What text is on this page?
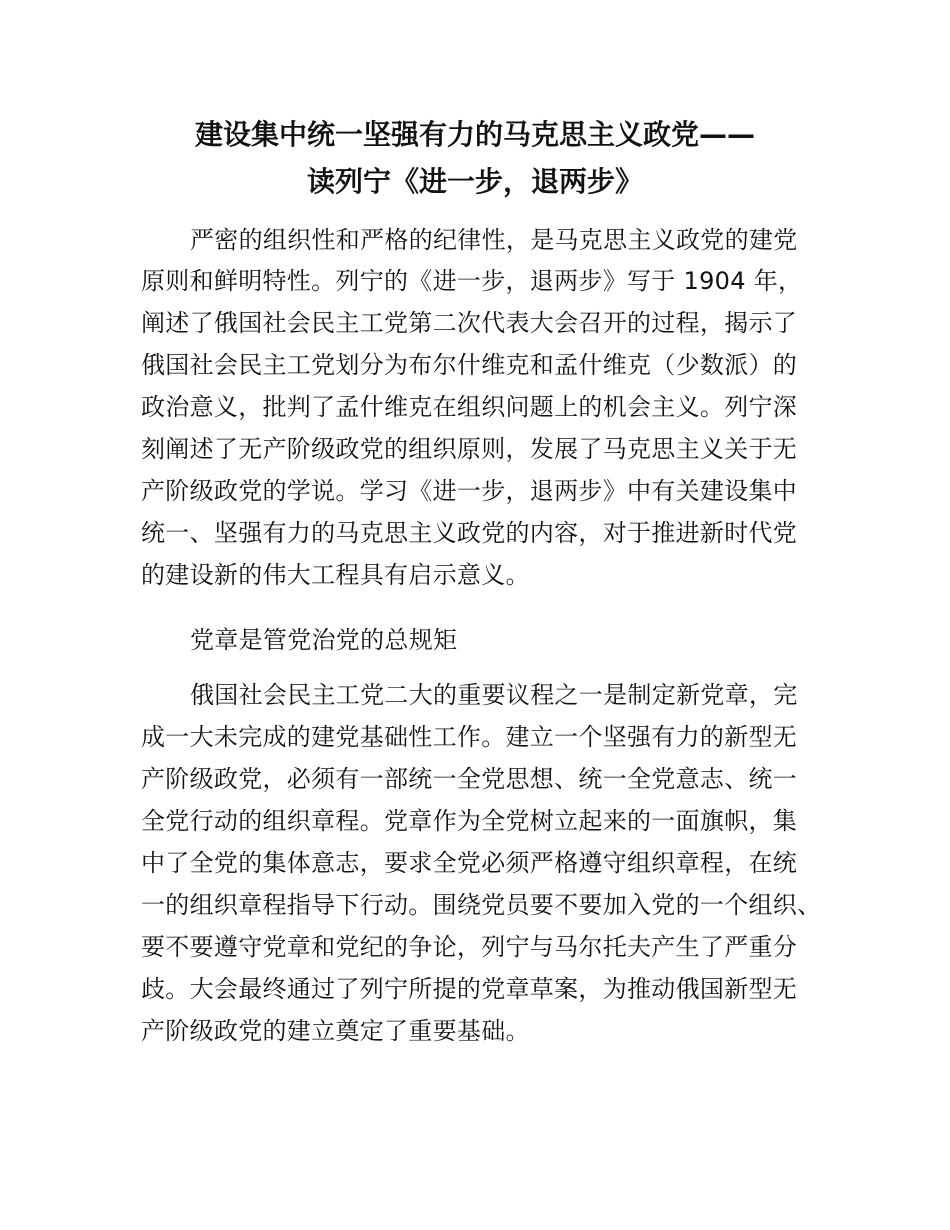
建设集中统一坚强有力的马克思主义政党——
读列宁《进一步，退两步》
严密的组织性和严格的纪律性，是马克思主义政党的建党
原则和鲜明特性。列宁的《进一步，退两步》写于 1904 年，
阐述了俄国社会民主工党第二次代表大会召开的过程，揭示了
俄国社会民主工党划分为布尔什维克和孟什维克（少数派）的
政治意义，批判了孟什维克在组织问题上的机会主义。列宁深
刻阐述了无产阶级政党的组织原则，发展了马克思主义关于无
产阶级政党的学说。学习《进一步，退两步》中有关建设集中
统一、坚强有力的马克思主义政党的内容，对于推进新时代党
的建设新的伟大工程具有启示意义。
党章是管党治党的总规矩
俄国社会民主工党二大的重要议程之一是制定新党章，完
成一大未完成的建党基础性工作。建立一个坚强有力的新型无
产阶级政党，必须有一部统一全党思想、统一全党意志、统一
全党行动的组织章程。党章作为全党树立起来的一面旗帜，集
中了全党的集体意志，要求全党必须严格遵守组织章程，在统
一的组织章程指导下行动。围绕党员要不要加入党的一个组织、
要不要遵守党章和党纪的争论，列宁与马尔托夫产生了严重分
歧。大会最终通过了列宁所提的党章草案，为推动俄国新型无
产阶级政党的建立奠定了重要基础。
